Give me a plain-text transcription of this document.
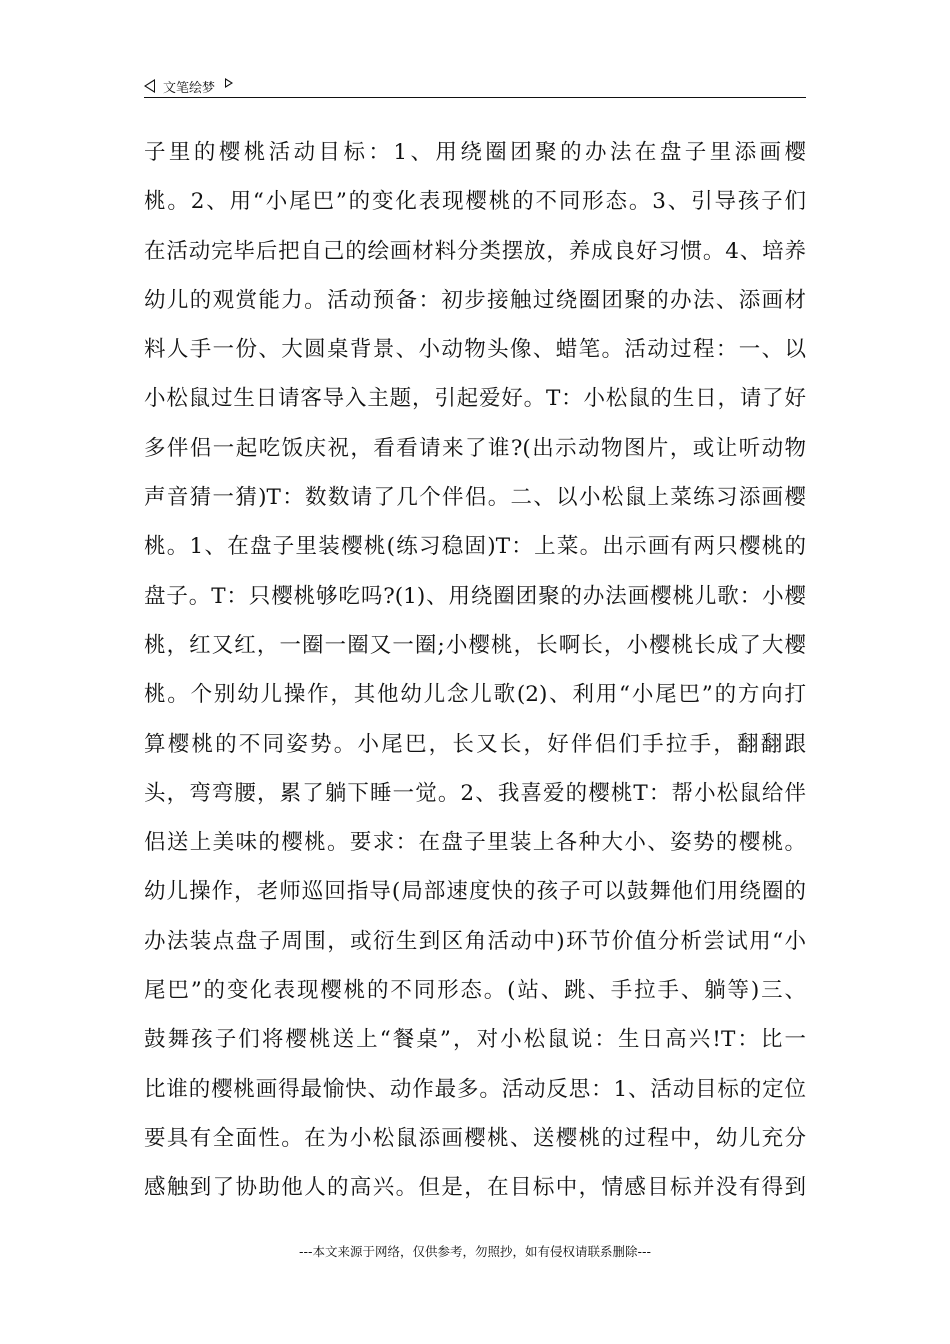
文笔绘梦
子里的樱桃活动目标：1、用绕圈团聚的办法在盘子里添画樱
桃。2、用“小尾巴”的变化表现樱桃的不同形态。3、引导孩子们
在活动完毕后把自己的绘画材料分类摆放，养成良好习惯。4、培养
幼儿的观赏能力。活动预备：初步接触过绕圈团聚的办法、添画材
料人手一份、大圆桌背景、小动物头像、蜡笔。活动过程：一、以
小松鼠过生日请客导入主题，引起爱好。T：小松鼠的生日，请了好
多伴侣一起吃饭庆祝，看看请来了谁?(出示动物图片，或让听动物
声音猜一猜)T：数数请了几个伴侣。二、以小松鼠上菜练习添画樱
桃。1、在盘子里装樱桃(练习稳固)T：上菜。出示画有两只樱桃的
盘子。T：只樱桃够吃吗?(1)、用绕圈团聚的办法画樱桃儿歌：小樱
桃，红又红，一圈一圈又一圈;小樱桃，长啊长，小樱桃长成了大樱
桃。个别幼儿操作，其他幼儿念儿歌(2)、利用“小尾巴”的方向打
算樱桃的不同姿势。小尾巴，长又长，好伴侣们手拉手，翻翻跟
头，弯弯腰，累了躺下睡一觉。2、我喜爱的樱桃T：帮小松鼠给伴
侣送上美味的樱桃。要求：在盘子里装上各种大小、姿势的樱桃。
幼儿操作，老师巡回指导(局部速度快的孩子可以鼓舞他们用绕圈的
办法装点盘子周围，或衍生到区角活动中)环节价值分析尝试用“小
尾巴”的变化表现樱桃的不同形态。(站、跳、手拉手、躺等)三、
鼓舞孩子们将樱桃送上“餐桌”，对小松鼠说：生日高兴!T：比一
比谁的樱桃画得最愉快、动作最多。活动反思：1、活动目标的定位
要具有全面性。在为小松鼠添画樱桃、送樱桃的过程中，幼儿充分
感触到了协助他人的高兴。但是，在目标中，情感目标并没有得到
---本文来源于网络，仅供参考，勿照抄，如有侵权请联系删除---
